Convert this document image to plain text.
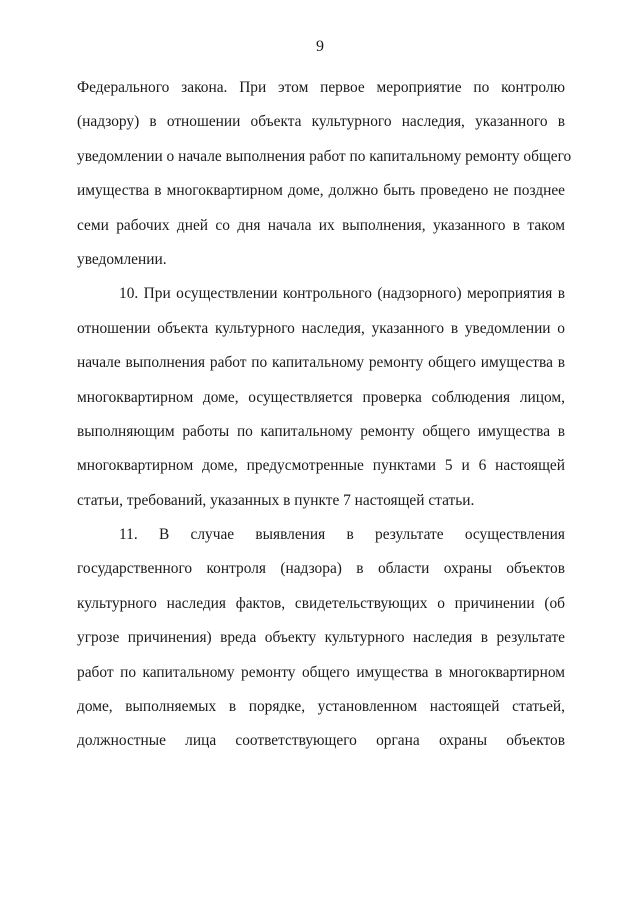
9
Федерального закона. При этом первое мероприятие по контролю
(надзору) в отношении объекта культурного наследия, указанного в
уведомлении о начале выполнения работ по капитальному ремонту общего
имущества в многоквартирном доме, должно быть проведено не позднее
семи рабочих дней со дня начала их выполнения, указанного в таком
уведомлении.
10. При осуществлении контрольного (надзорного) мероприятия в
отношении объекта культурного наследия, указанного в уведомлении о
начале выполнения работ по капитальному ремонту общего имущества в
многоквартирном доме, осуществляется проверка соблюдения лицом,
выполняющим работы по капитальному ремонту общего имущества в
многоквартирном доме, предусмотренные пунктами 5 и 6 настоящей
статьи, требований, указанных в пункте 7 настоящей статьи.
11. В случае выявления в результате осуществления
государственного контроля (надзора) в области охраны объектов
культурного наследия фактов, свидетельствующих о причинении (об
угрозе причинения) вреда объекту культурного наследия в результате
работ по капитальному ремонту общего имущества в многоквартирном
доме, выполняемых в порядке, установленном настоящей статьей,
должностные лица соответствующего органа охраны объектов
